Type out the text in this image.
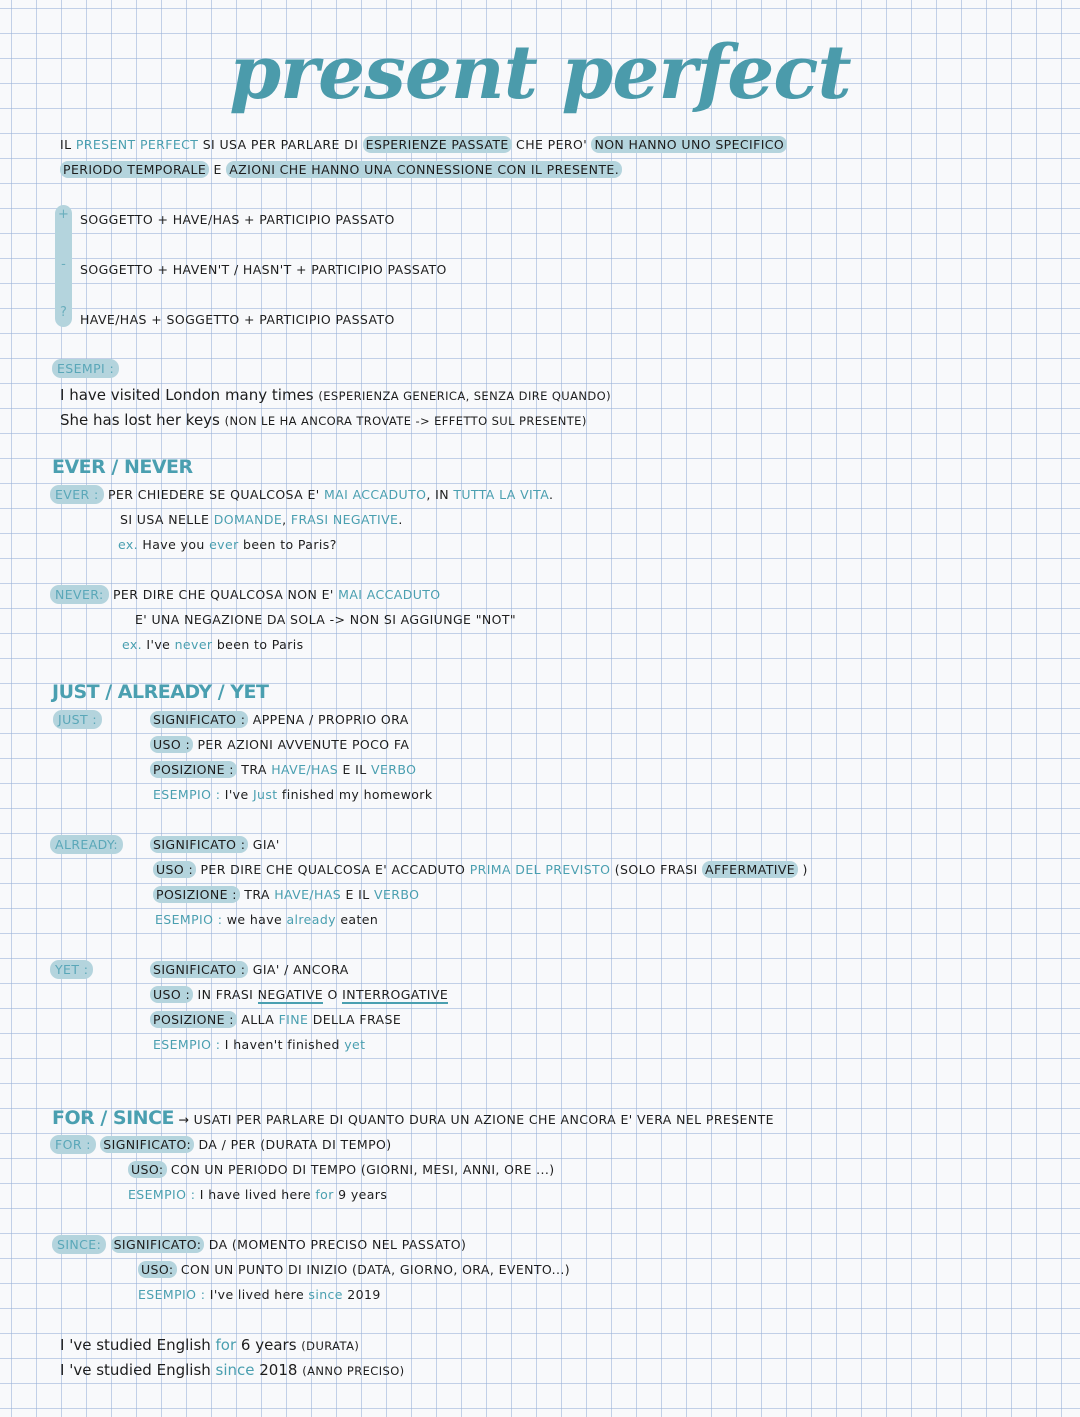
present perfect
+
-
?
IL PRESENT PERFECT SI USA PER PARLARE DI ESPERIENZE PASSATE CHE PERO' NON HANNO UNO SPECIFICO
PERIODO TEMPORALE E AZIONI CHE HANNO UNA CONNESSIONE CON IL PRESENTE.
SOGGETTO + HAVE/HAS + PARTICIPIO PASSATO
SOGGETTO + HAVEN'T / HASN'T + PARTICIPIO PASSATO
HAVE/HAS + SOGGETTO + PARTICIPIO PASSATO
ESEMPI :
I have visited London many times (ESPERIENZA GENERICA, SENZA DIRE QUANDO)
She has lost her keys (NON LE HA ANCORA TROVATE -> EFFETTO SUL PRESENTE)
EVER / NEVER
EVER : PER CHIEDERE SE QUALCOSA E' MAI ACCADUTO, IN TUTTA LA VITA.
SI USA NELLE DOMANDE, FRASI NEGATIVE.
ex. Have you ever been to Paris?
NEVER: PER DIRE CHE QUALCOSA NON E' MAI ACCADUTO
E' UNA NEGAZIONE DA SOLA -> NON SI AGGIUNGE "NOT"
ex. I've never been to Paris
JUST / ALREADY / YET
JUST :	SIGNIFICATO : APPENA / PROPRIO ORA
USO : PER AZIONI AVVENUTE POCO FA
POSIZIONE : TRA HAVE/HAS E IL VERBO
ESEMPIO : I've Just finished my homework
ALREADY:	SIGNIFICATO : GIA'
USO : PER DIRE CHE QUALCOSA E' ACCADUTO PRIMA DEL PREVISTO (SOLO FRASI AFFERMATIVE )
POSIZIONE : TRA HAVE/HAS E IL VERBO
ESEMPIO : we have already eaten
YET :	SIGNIFICATO : GIA' / ANCORA
USO : IN FRASI NEGATIVE O INTERROGATIVE
POSIZIONE : ALLA FINE DELLA FRASE
ESEMPIO : I haven't finished yet
FOR / SINCE → USATI PER PARLARE DI QUANTO DURA UN AZIONE CHE ANCORA E' VERA NEL PRESENTE
FOR : SIGNIFICATO: DA / PER (DURATA DI TEMPO)
USO: CON UN PERIODO DI TEMPO (GIORNI, MESI, ANNI, ORE ...)
ESEMPIO : I have lived here for 9 years
SINCE: SIGNIFICATO: DA (MOMENTO PRECISO NEL PASSATO)
USO: CON UN PUNTO DI INIZIO (DATA, GIORNO, ORA, EVENTO...)
ESEMPIO : I've lived here since 2019
I 've studied English for 6 years (DURATA)
I 've studied English since 2018 (ANNO PRECISO)
